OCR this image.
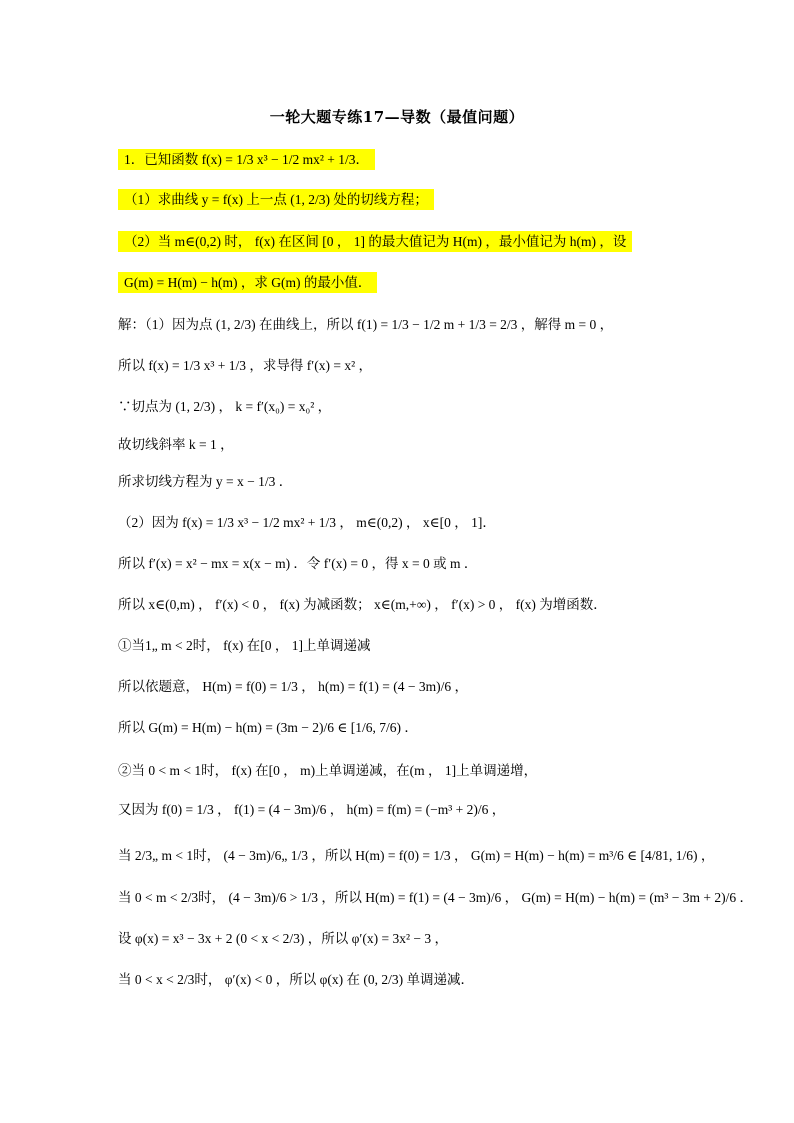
一轮大题专练17—导数（最值问题）
1．已知函数 f(x) = 1/3 x³ − 1/2 mx² + 1/3．
（1）求曲线 y = f(x) 上一点 (1, 2/3) 处的切线方程；
（2）当 m∈(0,2) 时， f(x) 在区间 [0 ， 1] 的最大值记为 H(m) ，最小值记为 h(m) ，设
G(m) = H(m) − h(m) ，求 G(m) 的最小值．
解：（1）因为点 (1, 2/3) 在曲线上，所以 f(1) = 1/3 − 1/2 m + 1/3 = 2/3 ，解得 m = 0 ，
所以 f(x) = 1/3 x³ + 1/3 ，求导得 f′(x) = x² ，
∵切点为 (1, 2/3) ， k = f′(x₀) = x₀² ，
故切线斜率 k = 1 ，
所求切线方程为 y = x − 1/3 ．
（2）因为 f(x) = 1/3 x³ − 1/2 mx² + 1/3 ， m∈(0,2) ， x∈[0 ， 1]．
所以 f′(x) = x² − mx = x(x − m) ．令 f′(x) = 0 ，得 x = 0 或 m ．
所以 x∈(0,m) ， f′(x) < 0 ， f(x) 为减函数； x∈(m,+∞) ， f′(x) > 0 ， f(x) 为增函数．
①当1„ m < 2时， f(x) 在[0 ， 1]上单调递减
所以依题意， H(m) = f(0) = 1/3 ， h(m) = f(1) = (4 − 3m)/6 ，
所以 G(m) = H(m) − h(m) = (3m − 2)/6 ∈ [1/6, 7/6) ．
②当 0 < m < 1时， f(x) 在[0 ， m)上单调递减，在(m ， 1]上单调递增，
又因为 f(0) = 1/3 ， f(1) = (4 − 3m)/6 ， h(m) = f(m) = (−m³ + 2)/6 ，
当 2/3„ m < 1时， (4 − 3m)/6„ 1/3 ，所以 H(m) = f(0) = 1/3 ， G(m) = H(m) − h(m) = m³/6 ∈ [4/81, 1/6) ，
当 0 < m < 2/3时， (4 − 3m)/6 > 1/3 ，所以 H(m) = f(1) = (4 − 3m)/6 ， G(m) = H(m) − h(m) = (m³ − 3m + 2)/6 ．
设 φ(x) = x³ − 3x + 2 (0 < x < 2/3) ，所以 φ′(x) = 3x² − 3 ，
当 0 < x < 2/3时， φ′(x) < 0 ，所以 φ(x) 在 (0, 2/3) 单调递减．
